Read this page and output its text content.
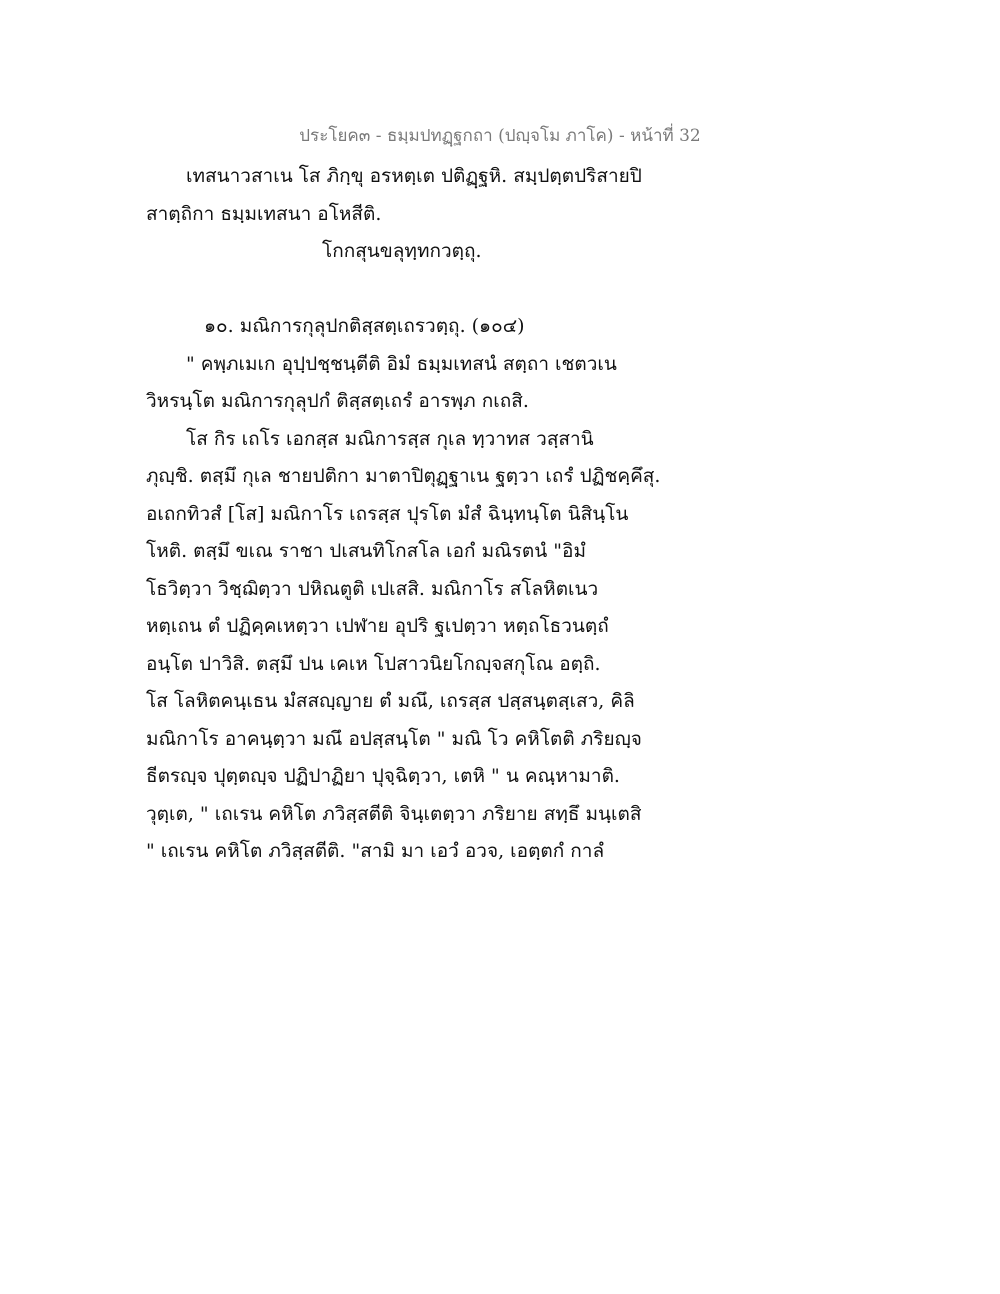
ประโยค๓ - ธมฺมปทฏฺฐกถา (ปญฺจโม ภาโค) - หน้าที่ 32
เทสนาวสาเน โส ภิกฺขุ อรหตฺเต ปติฏฺฐหิ. สมฺปตฺตปริสายปิ
สาตฺถิกา ธมฺมเทสนา อโหสีติ.
โกกสุนขลุทฺทกวตฺถุ.
๑๐. มณิการกุลุปกติสฺสตฺเถรวตฺถุ. (๑๐๔)
" คพฺภเมเก อุปฺปชฺชนฺตีติ อิมํ ธมฺมเทสนํ สตฺถา เชตวเน
วิหรนฺโต มณิการกุลุปกํ ติสฺสตฺเถรํ อารพฺภ กเถสิ.
โส กิร เถโร เอกสฺส มณิการสฺส กุเล ทฺวาทส วสฺสานิ
ภุญฺชิ. ตสฺมึ กุเล ชายปติกา มาตาปิตุฏฺฐาเน ฐตฺวา เถรํ ปฏิชคฺคึสุ.
อเถกทิวสํ [โส] มณิกาโร เถรสฺส ปุรโต มํสํ ฉินฺทนฺโต นิสินฺโน
โหติ. ตสฺมึ ขเณ ราชา ปเสนทิโกสโล เอกํ มณิรตนํ "อิมํ
โธวิตฺวา วิชฺฌิตฺวา ปหิณตูติ เปเสสิ. มณิกาโร สโลหิตเนว
หตฺเถน ตํ ปฏิคฺคเหตฺวา เปฬาย อุปริ ฐเปตฺวา หตฺถโธวนตฺถํ
อนฺโต ปาวิสิ. ตสฺมึ ปน เคเห โปสาวนิยโกญฺจสกุโณ อตฺถิ.
โส โลหิตคนฺเธน มํสสญฺญาย ตํ มณึ, เถรสฺส ปสฺสนฺตสฺเสว, คิลิ
มณิกาโร อาคนฺตฺวา มณึ อปสฺสนฺโต " มณิ โว คหิโตติ ภริยญฺจ
ธีตรญฺจ ปุตฺตญฺจ ปฏิปาฏิยา ปุจฺฉิตฺวา, เตหิ " น คณฺหามาติ.
วุตฺเต, " เถเรน คหิโต ภวิสฺสตีติ จินฺเตตฺวา ภริยาย สทฺธึ มนฺเตสิ
" เถเรน คหิโต ภวิสฺสตีติ. "สามิ มา เอวํ อวจ, เอตฺตกํ กาลํ
